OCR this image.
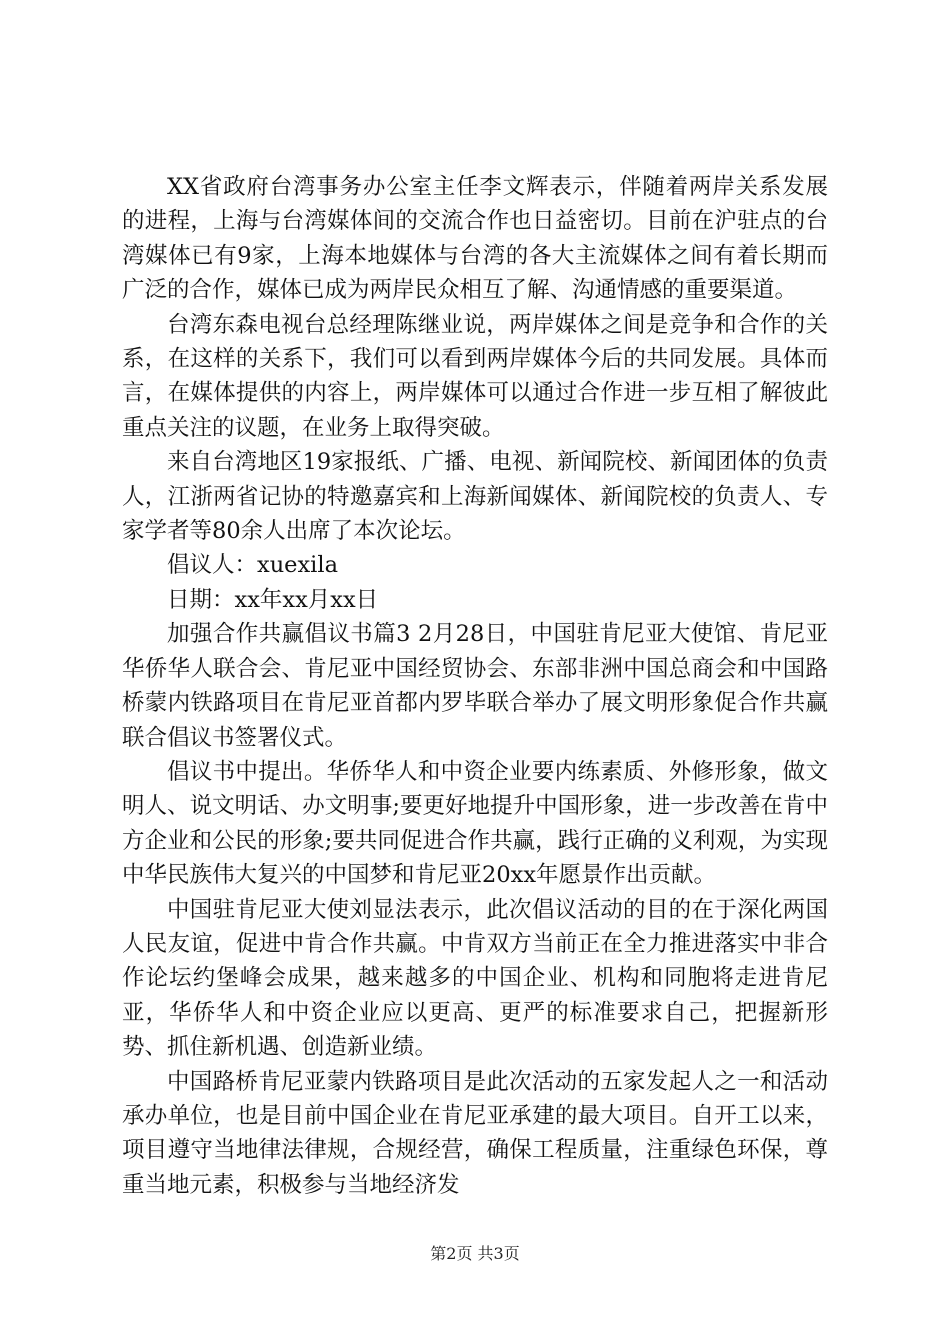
XX省政府台湾事务办公室主任李文辉表示，伴随着两岸关系发展的进程，上海与台湾媒体间的交流合作也日益密切。目前在沪驻点的台湾媒体已有9家，上海本地媒体与台湾的各大主流媒体之间有着长期而广泛的合作，媒体已成为两岸民众相互了解、沟通情感的重要渠道。

台湾东森电视台总经理陈继业说，两岸媒体之间是竞争和合作的关系，在这样的关系下，我们可以看到两岸媒体今后的共同发展。具体而言，在媒体提供的内容上，两岸媒体可以通过合作进一步互相了解彼此重点关注的议题，在业务上取得突破。

来自台湾地区19家报纸、广播、电视、新闻院校、新闻团体的负责人，江浙两省记协的特邀嘉宾和上海新闻媒体、新闻院校的负责人、专家学者等80余人出席了本次论坛。

倡议人：xuexila

日期：xx年xx月xx日

加强合作共赢倡议书篇3 2月28日，中国驻肯尼亚大使馆、肯尼亚华侨华人联合会、肯尼亚中国经贸协会、东部非洲中国总商会和中国路桥蒙内铁路项目在肯尼亚首都内罗毕联合举办了展文明形象促合作共赢联合倡议书签署仪式。

倡议书中提出。华侨华人和中资企业要内练素质、外修形象，做文明人、说文明话、办文明事;要更好地提升中国形象，进一步改善在肯中方企业和公民的形象;要共同促进合作共赢，践行正确的义利观，为实现中华民族伟大复兴的中国梦和肯尼亚20xx年愿景作出贡献。

中国驻肯尼亚大使刘显法表示，此次倡议活动的目的在于深化两国人民友谊，促进中肯合作共赢。中肯双方当前正在全力推进落实中非合作论坛约堡峰会成果，越来越多的中国企业、机构和同胞将走进肯尼亚，华侨华人和中资企业应以更高、更严的标准要求自己，把握新形势、抓住新机遇、创造新业绩。

中国路桥肯尼亚蒙内铁路项目是此次活动的五家发起人之一和活动承办单位，也是目前中国企业在肯尼亚承建的最大项目。自开工以来，项目遵守当地律法律规，合规经营，确保工程质量，注重绿色环保，尊重当地元素，积极参与当地经济发

第2页 共3页
